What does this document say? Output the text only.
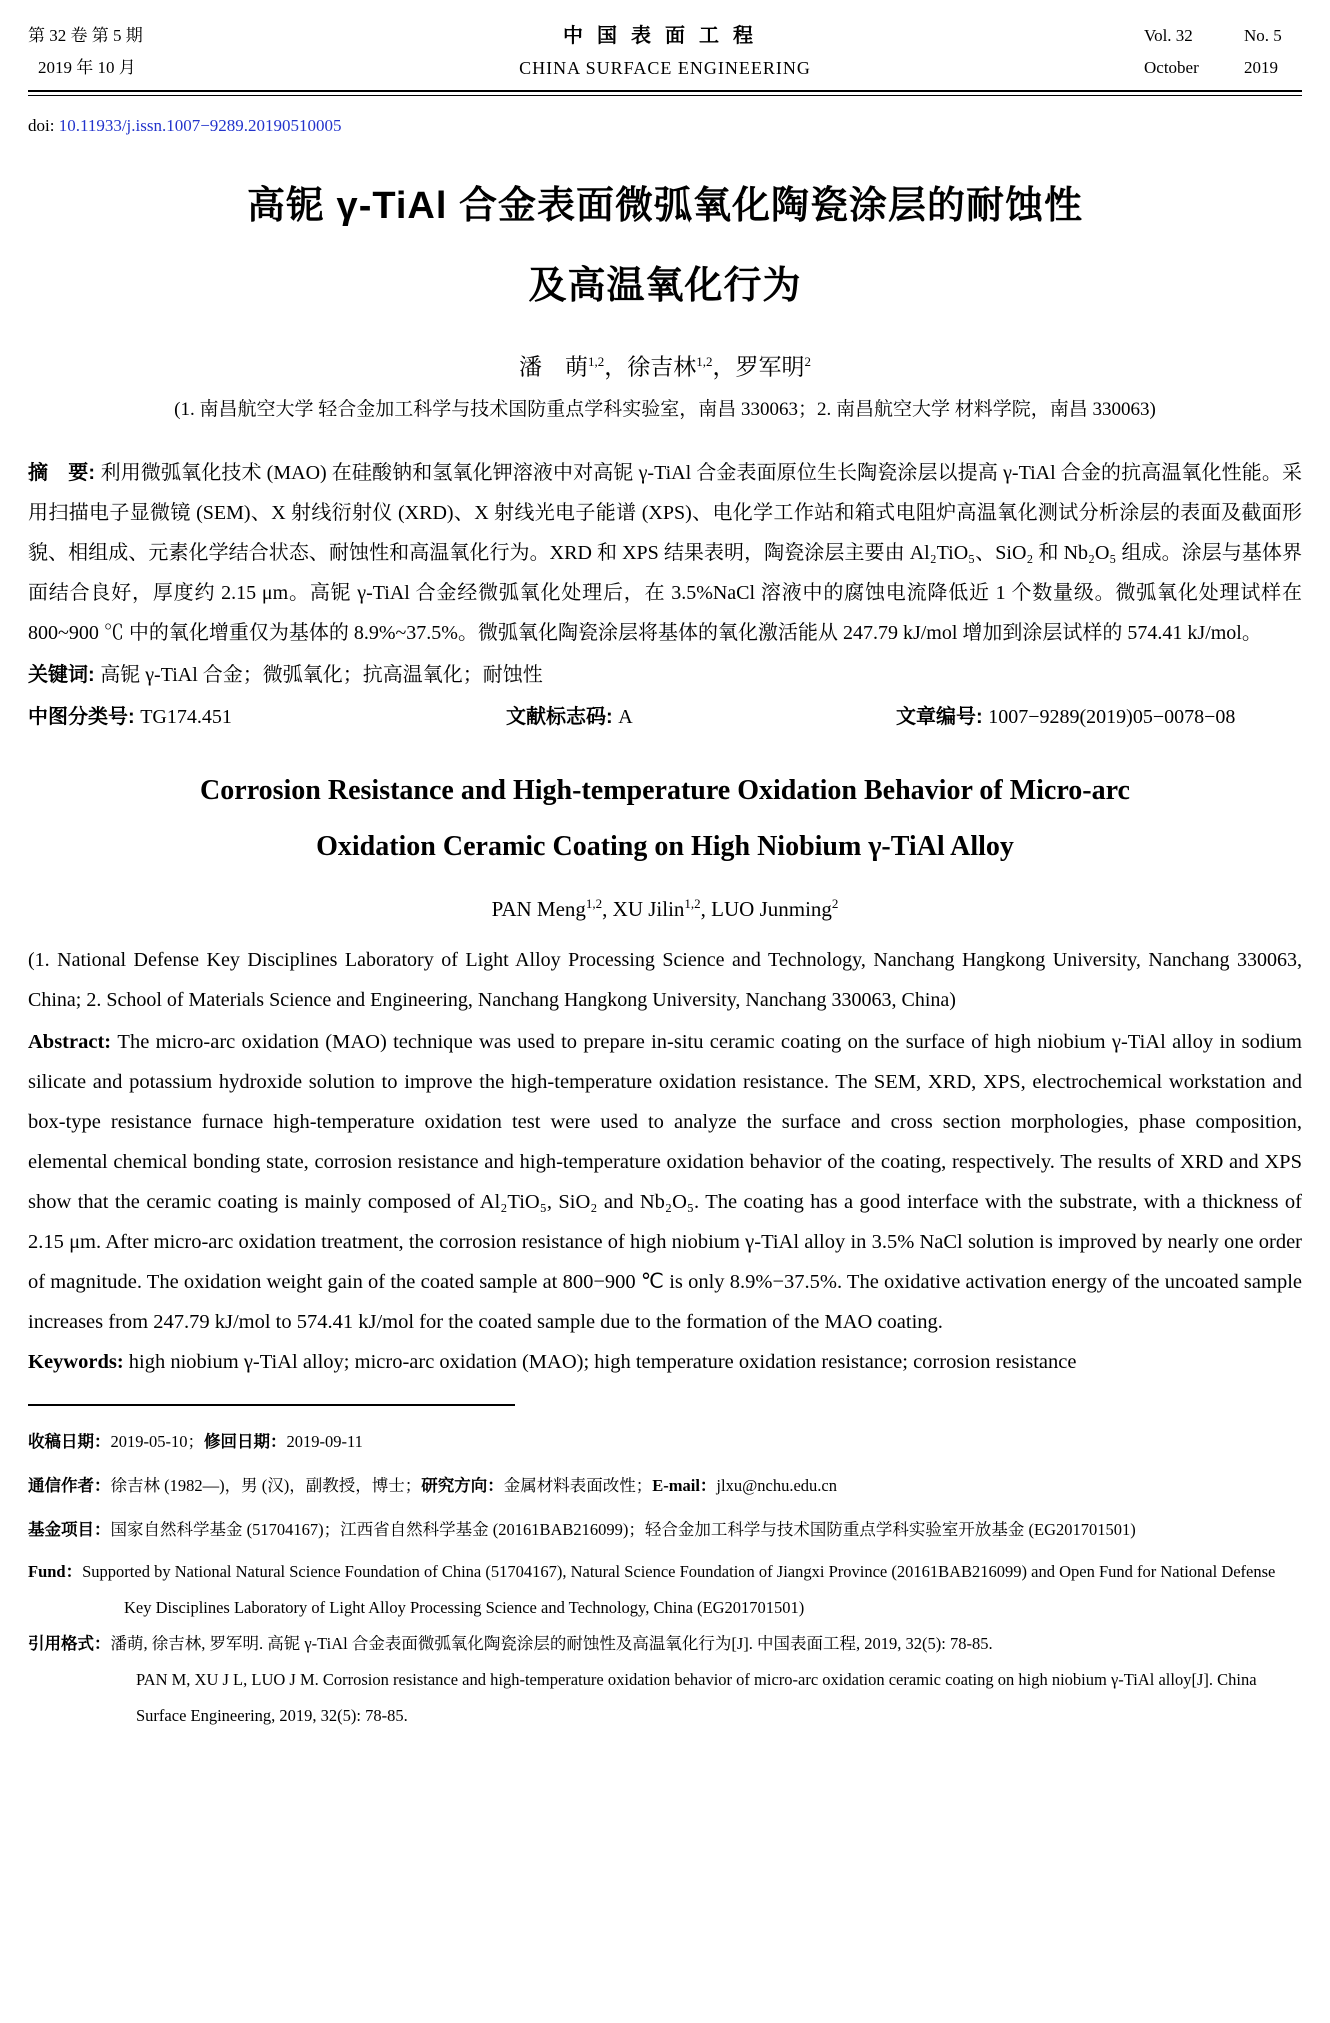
第 32 卷 第 5 期
2019 年 10 月
中国表面工程
CHINA SURFACE ENGINEERING
Vol. 32	No. 5
October	2019
doi: 10.11933/j.issn.1007−9289.20190510005
高铌 γ-TiAl 合金表面微弧氧化陶瓷涂层的耐蚀性
及高温氧化行为
潘　萌$^{1,2}$，徐吉林$^{1,2}$，罗军明$^2$
(1. 南昌航空大学 轻合金加工科学与技术国防重点学科实验室，南昌 330063；2. 南昌航空大学 材料学院，南昌 330063)

摘　要: 利用微弧氧化技术 (MAO) 在硅酸钠和氢氧化钾溶液中对高铌 γ-TiAl 合金表面原位生长陶瓷涂层以提高 γ-TiAl 合金的抗高温氧化性能。采用扫描电子显微镜 (SEM)、X 射线衍射仪 (XRD)、X 射线光电子能谱 (XPS)、电化学工作站和箱式电阻炉高温氧化测试分析涂层的表面及截面形貌、相组成、元素化学结合状态、耐蚀性和高温氧化行为。XRD 和 XPS 结果表明，陶瓷涂层主要由 Al₂TiO₅、SiO₂ 和 Nb₂O₅ 组成。涂层与基体界面结合良好，厚度约 2.15 μm。高铌 γ-TiAl 合金经微弧氧化处理后，在 3.5%NaCl 溶液中的腐蚀电流降低近 1 个数量级。微弧氧化处理试样在 800~900 ℃ 中的氧化增重仅为基体的 8.9%~37.5%。微弧氧化陶瓷涂层将基体的氧化激活能从 247.79 kJ/mol 增加到涂层试样的 574.41 kJ/mol。

关键词: 高铌 γ-TiAl 合金；微弧氧化；抗高温氧化；耐蚀性

中图分类号: TG174.451	文献标志码: A	文章编号: 1007−9289(2019)05−0078−08
Corrosion Resistance and High-temperature Oxidation Behavior of Micro-arc
Oxidation Ceramic Coating on High Niobium γ-TiAl Alloy
PAN Meng$^{1,2}$, XU Jilin$^{1,2}$, LUO Junming$^2$

(1. National Defense Key Disciplines Laboratory of Light Alloy Processing Science and Technology, Nanchang Hangkong University, Nanchang 330063, China; 2. School of Materials Science and Engineering, Nanchang Hangkong University, Nanchang 330063, China)

Abstract: The micro-arc oxidation (MAO) technique was used to prepare in-situ ceramic coating on the surface of high niobium γ-TiAl alloy in sodium silicate and potassium hydroxide solution to improve the high-temperature oxidation resistance. The SEM, XRD, XPS, electrochemical workstation and box-type resistance furnace high-temperature oxidation test were used to analyze the surface and cross section morphologies, phase composition, elemental chemical bonding state, corrosion resistance and high-temperature oxidation behavior of the coating, respectively. The results of XRD and XPS show that the ceramic coating is mainly composed of Al₂TiO₅, SiO₂ and Nb₂O₅. The coating has a good interface with the substrate, with a thickness of 2.15 μm. After micro-arc oxidation treatment, the corrosion resistance of high niobium γ-TiAl alloy in 3.5% NaCl solution is improved by nearly one order of magnitude. The oxidation weight gain of the coated sample at 800−900 ℃ is only 8.9%−37.5%. The oxidative activation energy of the uncoated sample increases from 247.79 kJ/mol to 574.41 kJ/mol for the coated sample due to the formation of the MAO coating.

Keywords: high niobium γ-TiAl alloy; micro-arc oxidation (MAO); high temperature oxidation resistance; corrosion resistance

收稿日期：2019-05-10；修回日期：2019-09-11

通信作者：徐吉林 (1982—)，男 (汉)，副教授，博士；研究方向：金属材料表面改性；E-mail：jlxu@nchu.edu.cn

基金项目：国家自然科学基金 (51704167)；江西省自然科学基金 (20161BAB216099)；轻合金加工科学与技术国防重点学科实验室开放基金 (EG201701501)

Fund：Supported by National Natural Science Foundation of China (51704167), Natural Science Foundation of Jiangxi Province (20161BAB216099) and Open Fund for National Defense Key Disciplines Laboratory of Light Alloy Processing Science and Technology, China (EG201701501)

引用格式：潘萌, 徐吉林, 罗军明. 高铌 γ-TiAl 合金表面微弧氧化陶瓷涂层的耐蚀性及高温氧化行为[J]. 中国表面工程, 2019, 32(5): 78-85.
PAN M, XU J L, LUO J M. Corrosion resistance and high-temperature oxidation behavior of micro-arc oxidation ceramic coating on high niobium γ-TiAl alloy[J]. China Surface Engineering, 2019, 32(5): 78-85.
